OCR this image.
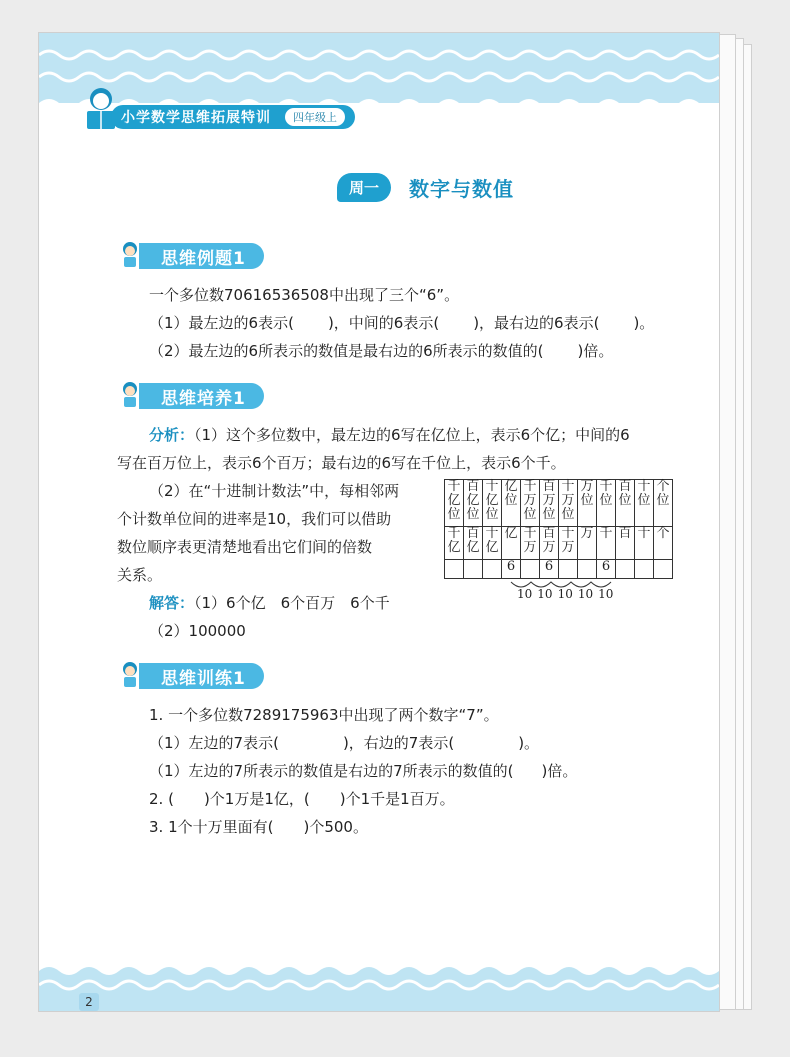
小学数学思维拓展特训	四年级上
周一	数字与数值
思维例题1
一个多位数70616536508中出现了三个“6”。
（1）最左边的6表示( )，中间的6表示( )，最右边的6表示( )。
（2）最左边的6所表示的数值是最右边的6所表示的数值的( )倍。
思维培养1
分析：（1）这个多位数中，最左边的6写在亿位上，表示6个亿；中间的6
写在百万位上，表示6个百万；最右边的6写在千位上，表示6个千。
（2）在“十进制计数法”中，每相邻两
个计数单位间的进率是10，我们可以借助
数位顺序表更清楚地看出它们间的倍数
关系。
千亿位	百亿位	十亿位	亿位	千万位	百万位	十万位	万位	千位	百位	十位	个位
千亿	百亿	十亿	亿	千万	百万	十万	万	千	百	十	个
			6		6			6			
10 10 10 10 10
解答：（1）6个亿　6个百万　6个千
（2）100000
思维训练1
1. 一个多位数7289175963中出现了两个数字“7”。
（1）左边的7表示(	)，右边的7表示(	)。
（1）左边的7所表示的数值是右边的7所表示的数值的( )倍。
2. ( )个1万是1亿，( )个1千是1百万。
3. 1个十万里面有( )个500。
2
